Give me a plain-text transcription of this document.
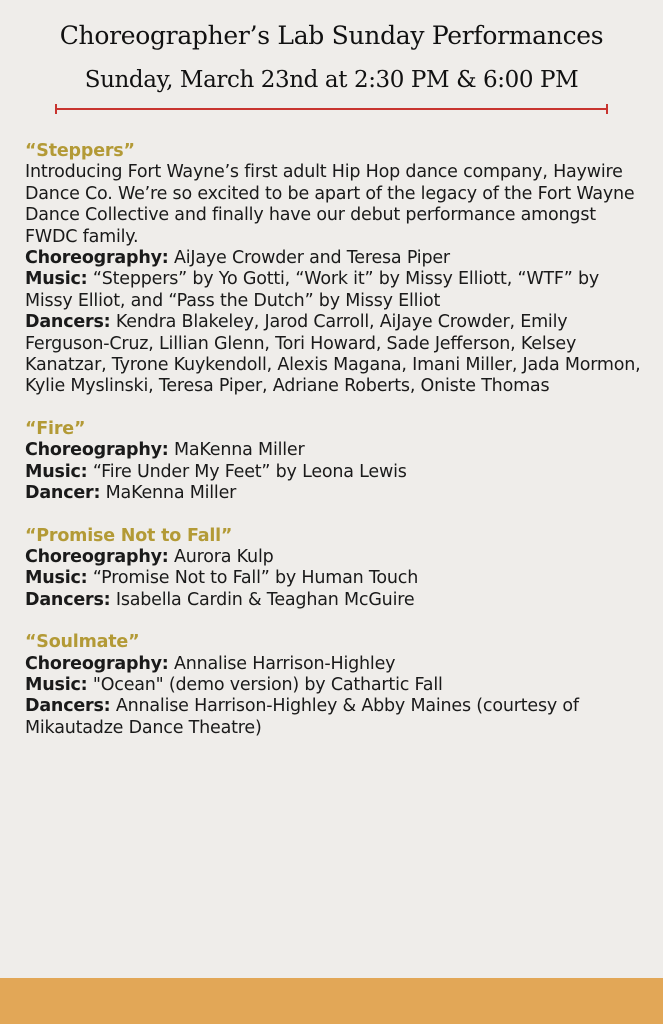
Choreographer’s Lab Sunday Performances
Sunday, March 23nd at 2:30 PM & 6:00 PM

“Steppers”

Introducing Fort Wayne’s first adult Hip Hop dance company, Haywire Dance Co. We’re so excited to be apart of the legacy of the Fort Wayne Dance Collective and finally have our debut performance amongst FWDC family.

Choreography: AiJaye Crowder and Teresa Piper

Music: “Steppers” by Yo Gotti, “Work it” by Missy Elliott, “WTF” by Missy Elliot, and “Pass the Dutch” by Missy Elliot

Dancers: Kendra Blakeley, Jarod Carroll, AiJaye Crowder, Emily Ferguson-Cruz, Lillian Glenn, Tori Howard, Sade Jefferson, Kelsey Kanatzar, Tyrone Kuykendoll, Alexis Magana, Imani Miller, Jada Mormon, Kylie Myslinski, Teresa Piper, Adriane Roberts, Oniste Thomas

“Fire”

Choreography: MaKenna Miller

Music: “Fire Under My Feet” by Leona Lewis

Dancer: MaKenna Miller

“Promise Not to Fall”

Choreography: Aurora Kulp

Music: “Promise Not to Fall” by Human Touch

Dancers: Isabella Cardin & Teaghan McGuire

“Soulmate”

Choreography: Annalise Harrison-Highley

Music: "Ocean" (demo version) by Cathartic Fall

Dancers: Annalise Harrison-Highley & Abby Maines (courtesy of Mikautadze Dance Theatre)
